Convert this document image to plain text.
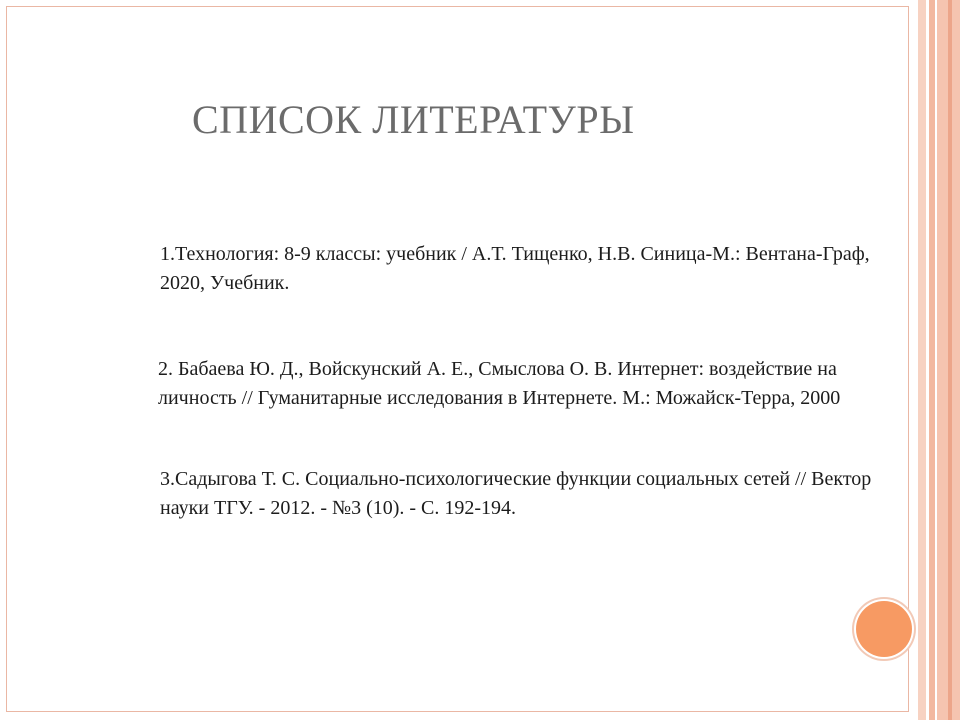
СПИСОК ЛИТЕРАТУРЫ

1.Технология: 8-9 классы: учебник / А.Т. Тищенко, Н.В. Синица-М.: Вентана-Граф, 2020, Учебник.

2. Бабаева Ю. Д., Войскунский А. Е., Смыслова О. В. Интернет: воздействие на личность // Гуманитарные исследования в Интернете. М.: Можайск-Терра, 2000

3.Садыгова Т. С. Социально-психологические функции социальных сетей // Вектор науки ТГУ. - 2012. - №3 (10). - С. 192-194.
